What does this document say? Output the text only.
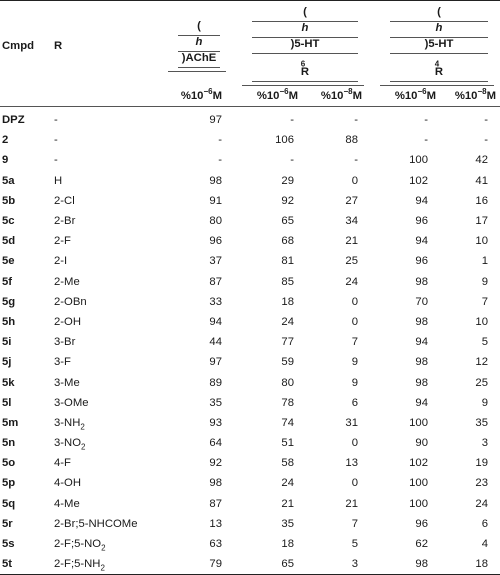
Cmpd	R	(
h
)AChE	(
h
)5-HT
$_6$
R		(
h
)5-HT
$_4$
R	

		$\%10^{-6}M$	$\%10^{-6}M$	$\%10^{-8}M$	$\%10^{-6}M$	$\%10^{-8}M$
DPZ	-	97	-	-	-	-
2	-	-	106	88	-	-
9	-	-	-	-	100	42
5a	H	98	29	0	102	41
5b	2-Cl	91	92	27	94	16
5c	2-Br	80	65	34	96	17
5d	2-F	96	68	21	94	10
5e	2-I	37	81	25	96	1
5f	2-Me	87	85	24	98	9
5g	2-OBn	33	18	0	70	7
5h	2-OH	94	24	0	98	10
5i	3-Br	44	77	7	94	5
5j	3-F	97	59	9	98	12
5k	3-Me	89	80	9	98	25
5l	3-OMe	35	78	6	94	9
5m	$3-NH_2$	93	74	31	100	35
5n	$3-NO_2$	64	51	0	90	3
5o	4-F	92	58	13	102	19
5p	4-OH	98	24	0	100	23
5q	4-Me	87	21	21	100	24
5r	2-Br;5-NHCOMe	13	35	7	96	6
5s	$2-F;5-NO_2$	63	18	5	62	4
5t	$2-F;5-NH_2$	79	65	3	98	18
